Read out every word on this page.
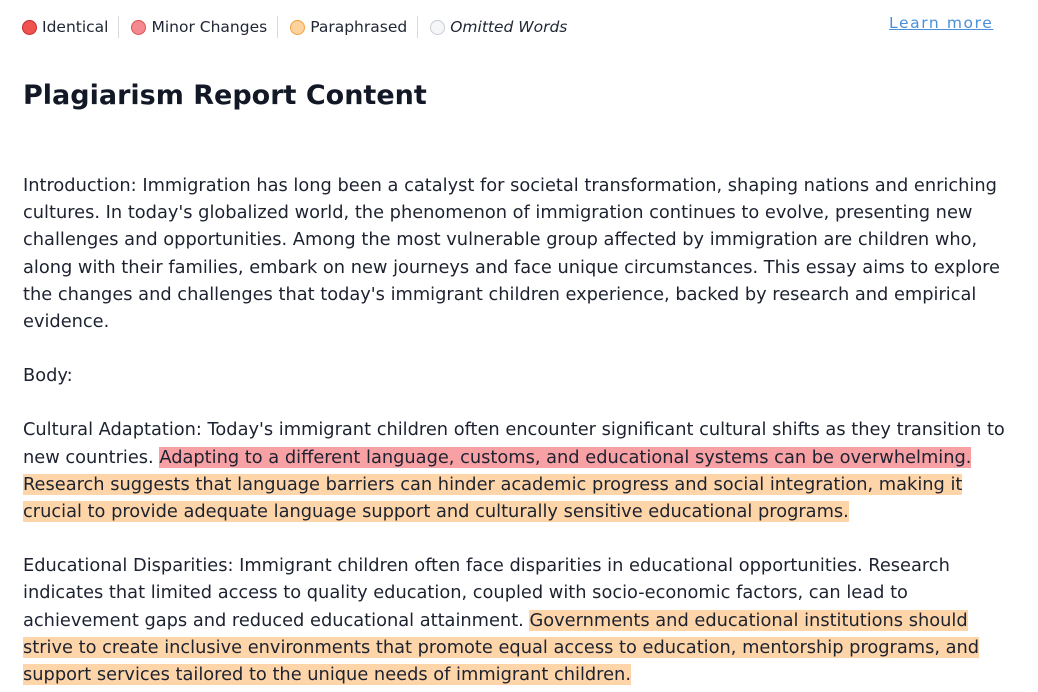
Identical	Minor Changes	Paraphrased	Omitted Words	Learn more
Plagiarism Report Content

Introduction: Immigration has long been a catalyst for societal transformation, shaping nations and enriching cultures. In today's globalized world, the phenomenon of immigration continues to evolve, presenting new challenges and opportunities. Among the most vulnerable group affected by immigration are children who, along with their families, embark on new journeys and face unique circumstances. This essay aims to explore the changes and challenges that today's immigrant children experience, backed by research and empirical evidence.

Body:

Cultural Adaptation: Today's immigrant children often encounter significant cultural shifts as they transition to new countries. Adapting to a different language, customs, and educational systems can be overwhelming. Research suggests that language barriers can hinder academic progress and social integration, making it crucial to provide adequate language support and culturally sensitive educational programs.

Educational Disparities: Immigrant children often face disparities in educational opportunities. Research indicates that limited access to quality education, coupled with socio-economic factors, can lead to achievement gaps and reduced educational attainment. Governments and educational institutions should strive to create inclusive environments that promote equal access to education, mentorship programs, and support services tailored to the unique needs of immigrant children.
